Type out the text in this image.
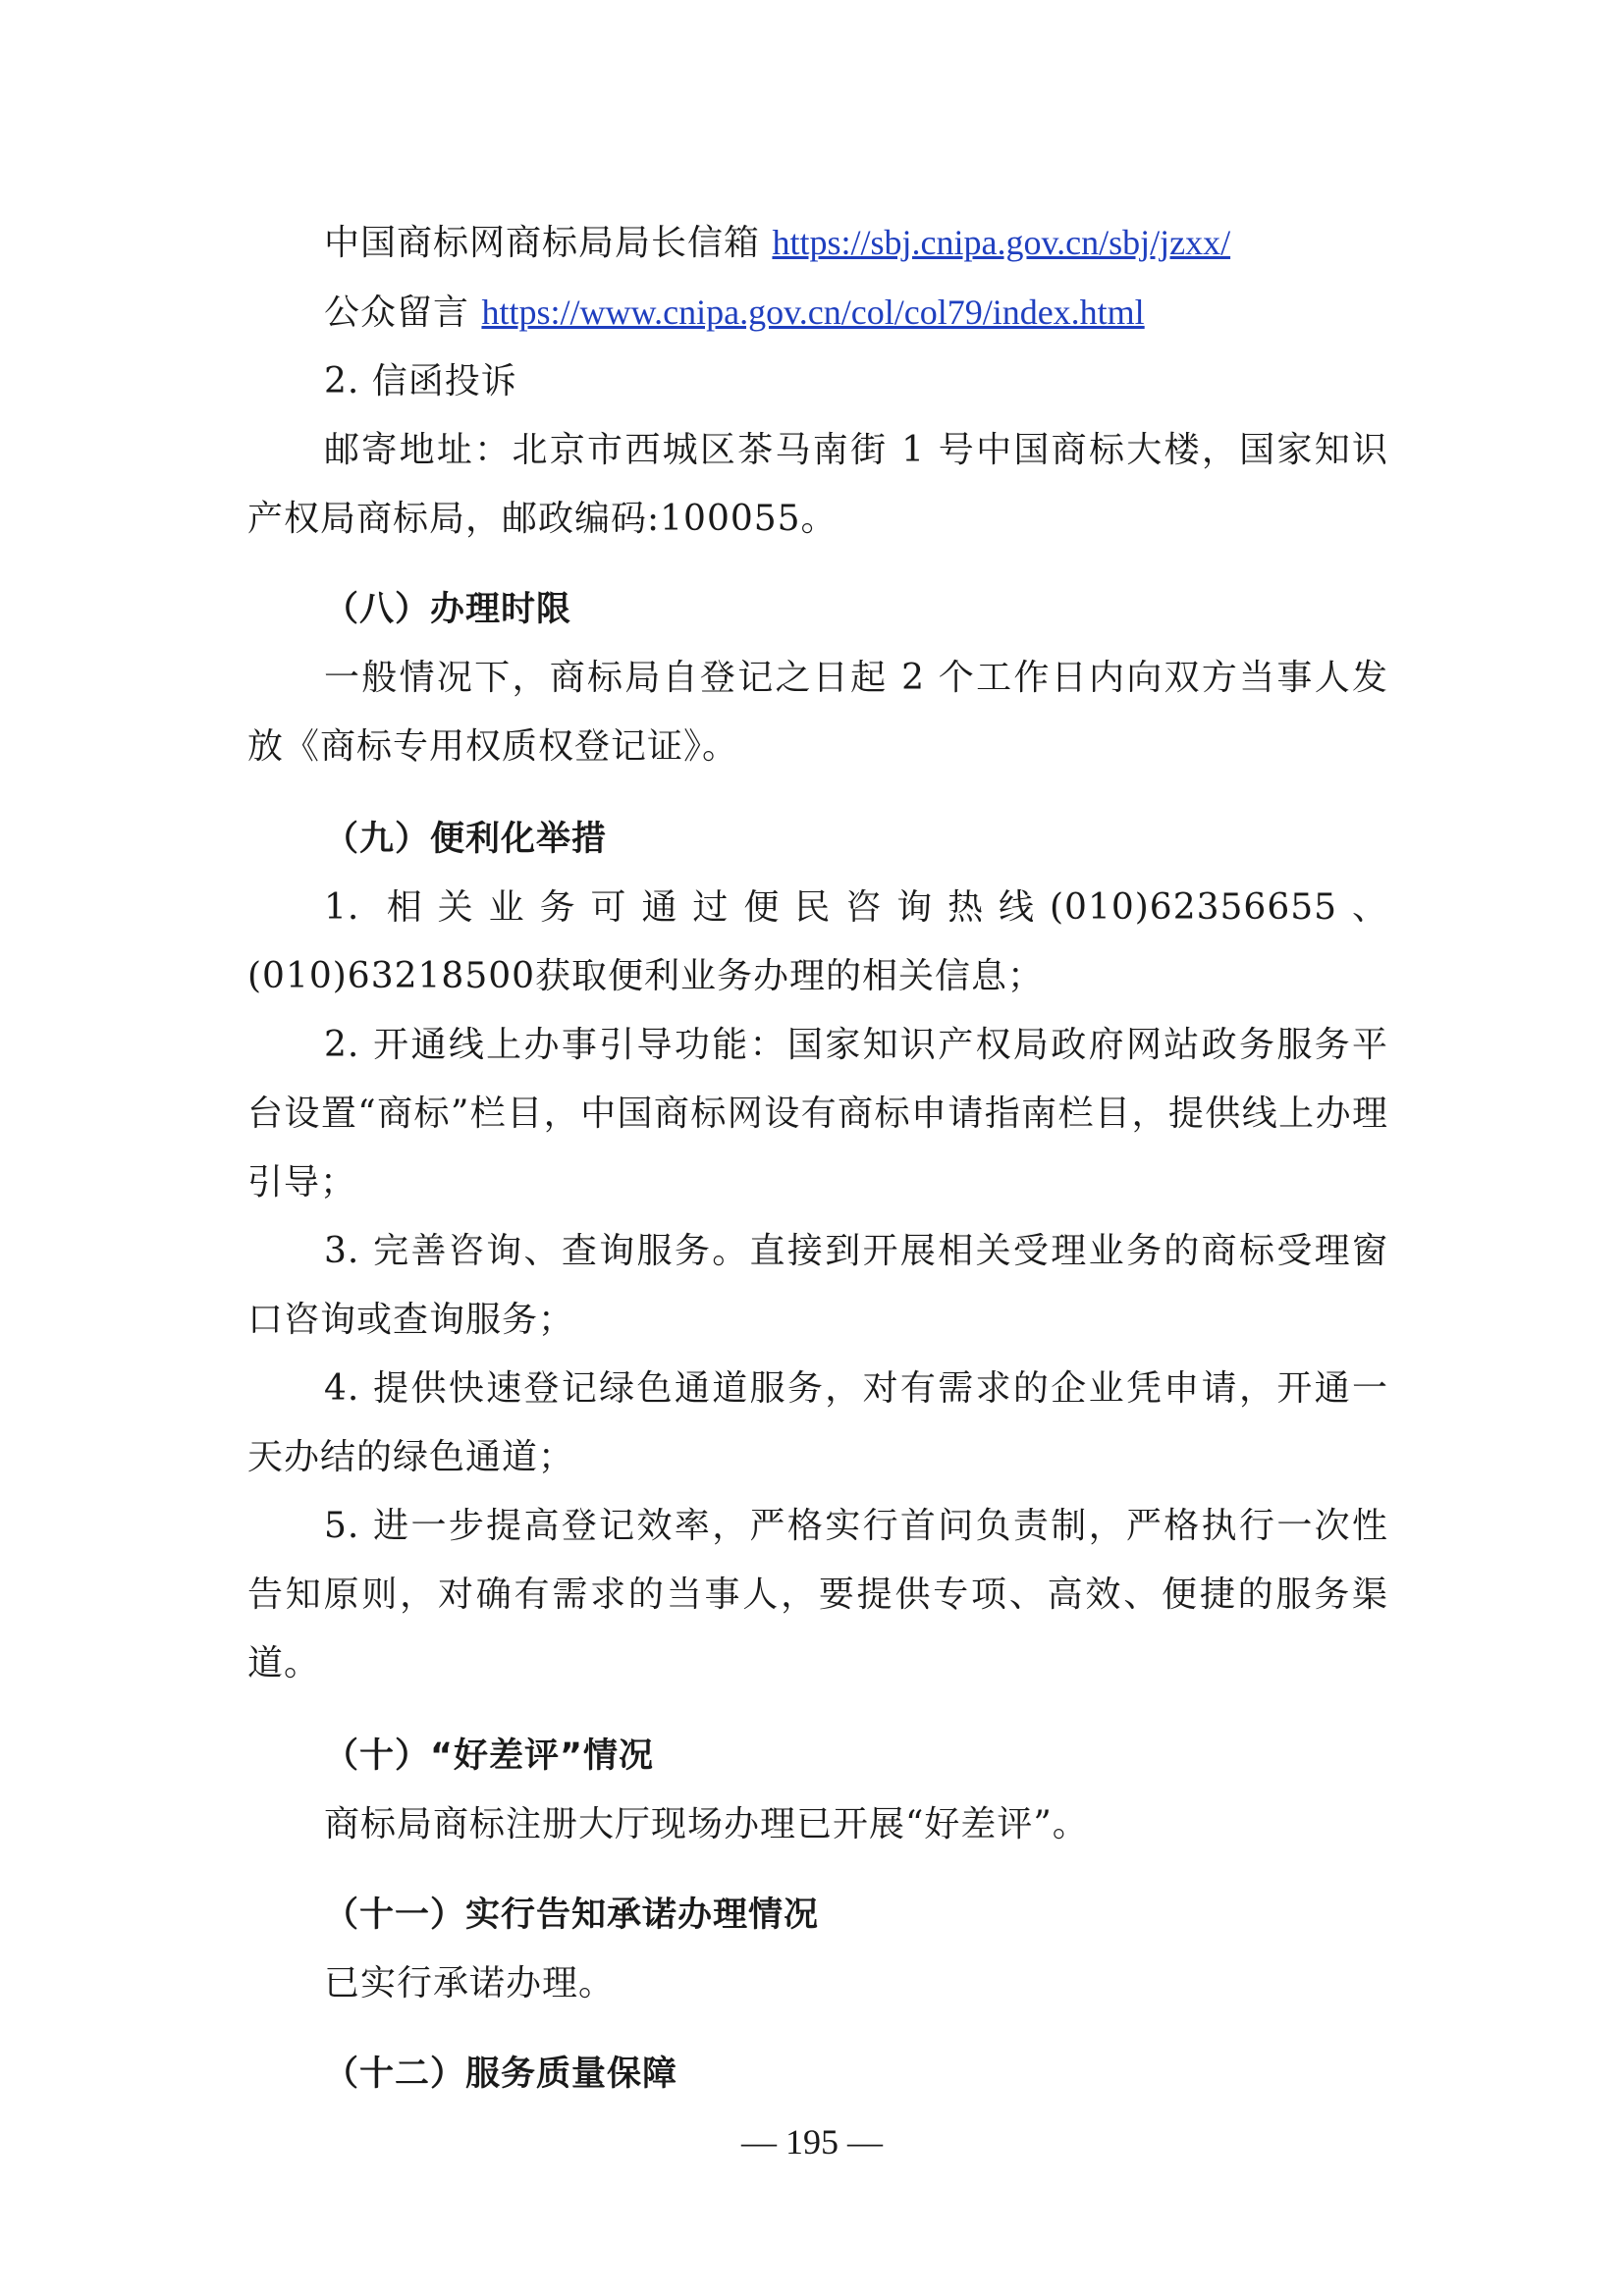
中国商标网商标局局长信箱 https://sbj.cnipa.gov.cn/sbj/jzxx/

公众留言 https://www.cnipa.gov.cn/col/col79/index.html

2. 信函投诉

邮寄地址：北京市西城区茶马南街 1 号中国商标大楼，国家知识产权局商标局，邮政编码:100055。

（八）办理时限

一般情况下，商标局自登记之日起 2 个工作日内向双方当事人发放《商标专用权质权登记证》。

（九）便利化举措

1. 相关业务可通过便民咨询热线(010)62356655、(010)63218500获取便利业务办理的相关信息；

2. 开通线上办事引导功能：国家知识产权局政府网站政务服务平台设置“商标”栏目，中国商标网设有商标申请指南栏目，提供线上办理引导；

3. 完善咨询、查询服务。直接到开展相关受理业务的商标受理窗口咨询或查询服务；

4. 提供快速登记绿色通道服务，对有需求的企业凭申请，开通一天办结的绿色通道；

5. 进一步提高登记效率，严格实行首问负责制，严格执行一次性告知原则，对确有需求的当事人，要提供专项、高效、便捷的服务渠道。

（十）“好差评”情况

商标局商标注册大厅现场办理已开展“好差评”。

（十一）实行告知承诺办理情况

已实行承诺办理。

（十二）服务质量保障

— 195 —
